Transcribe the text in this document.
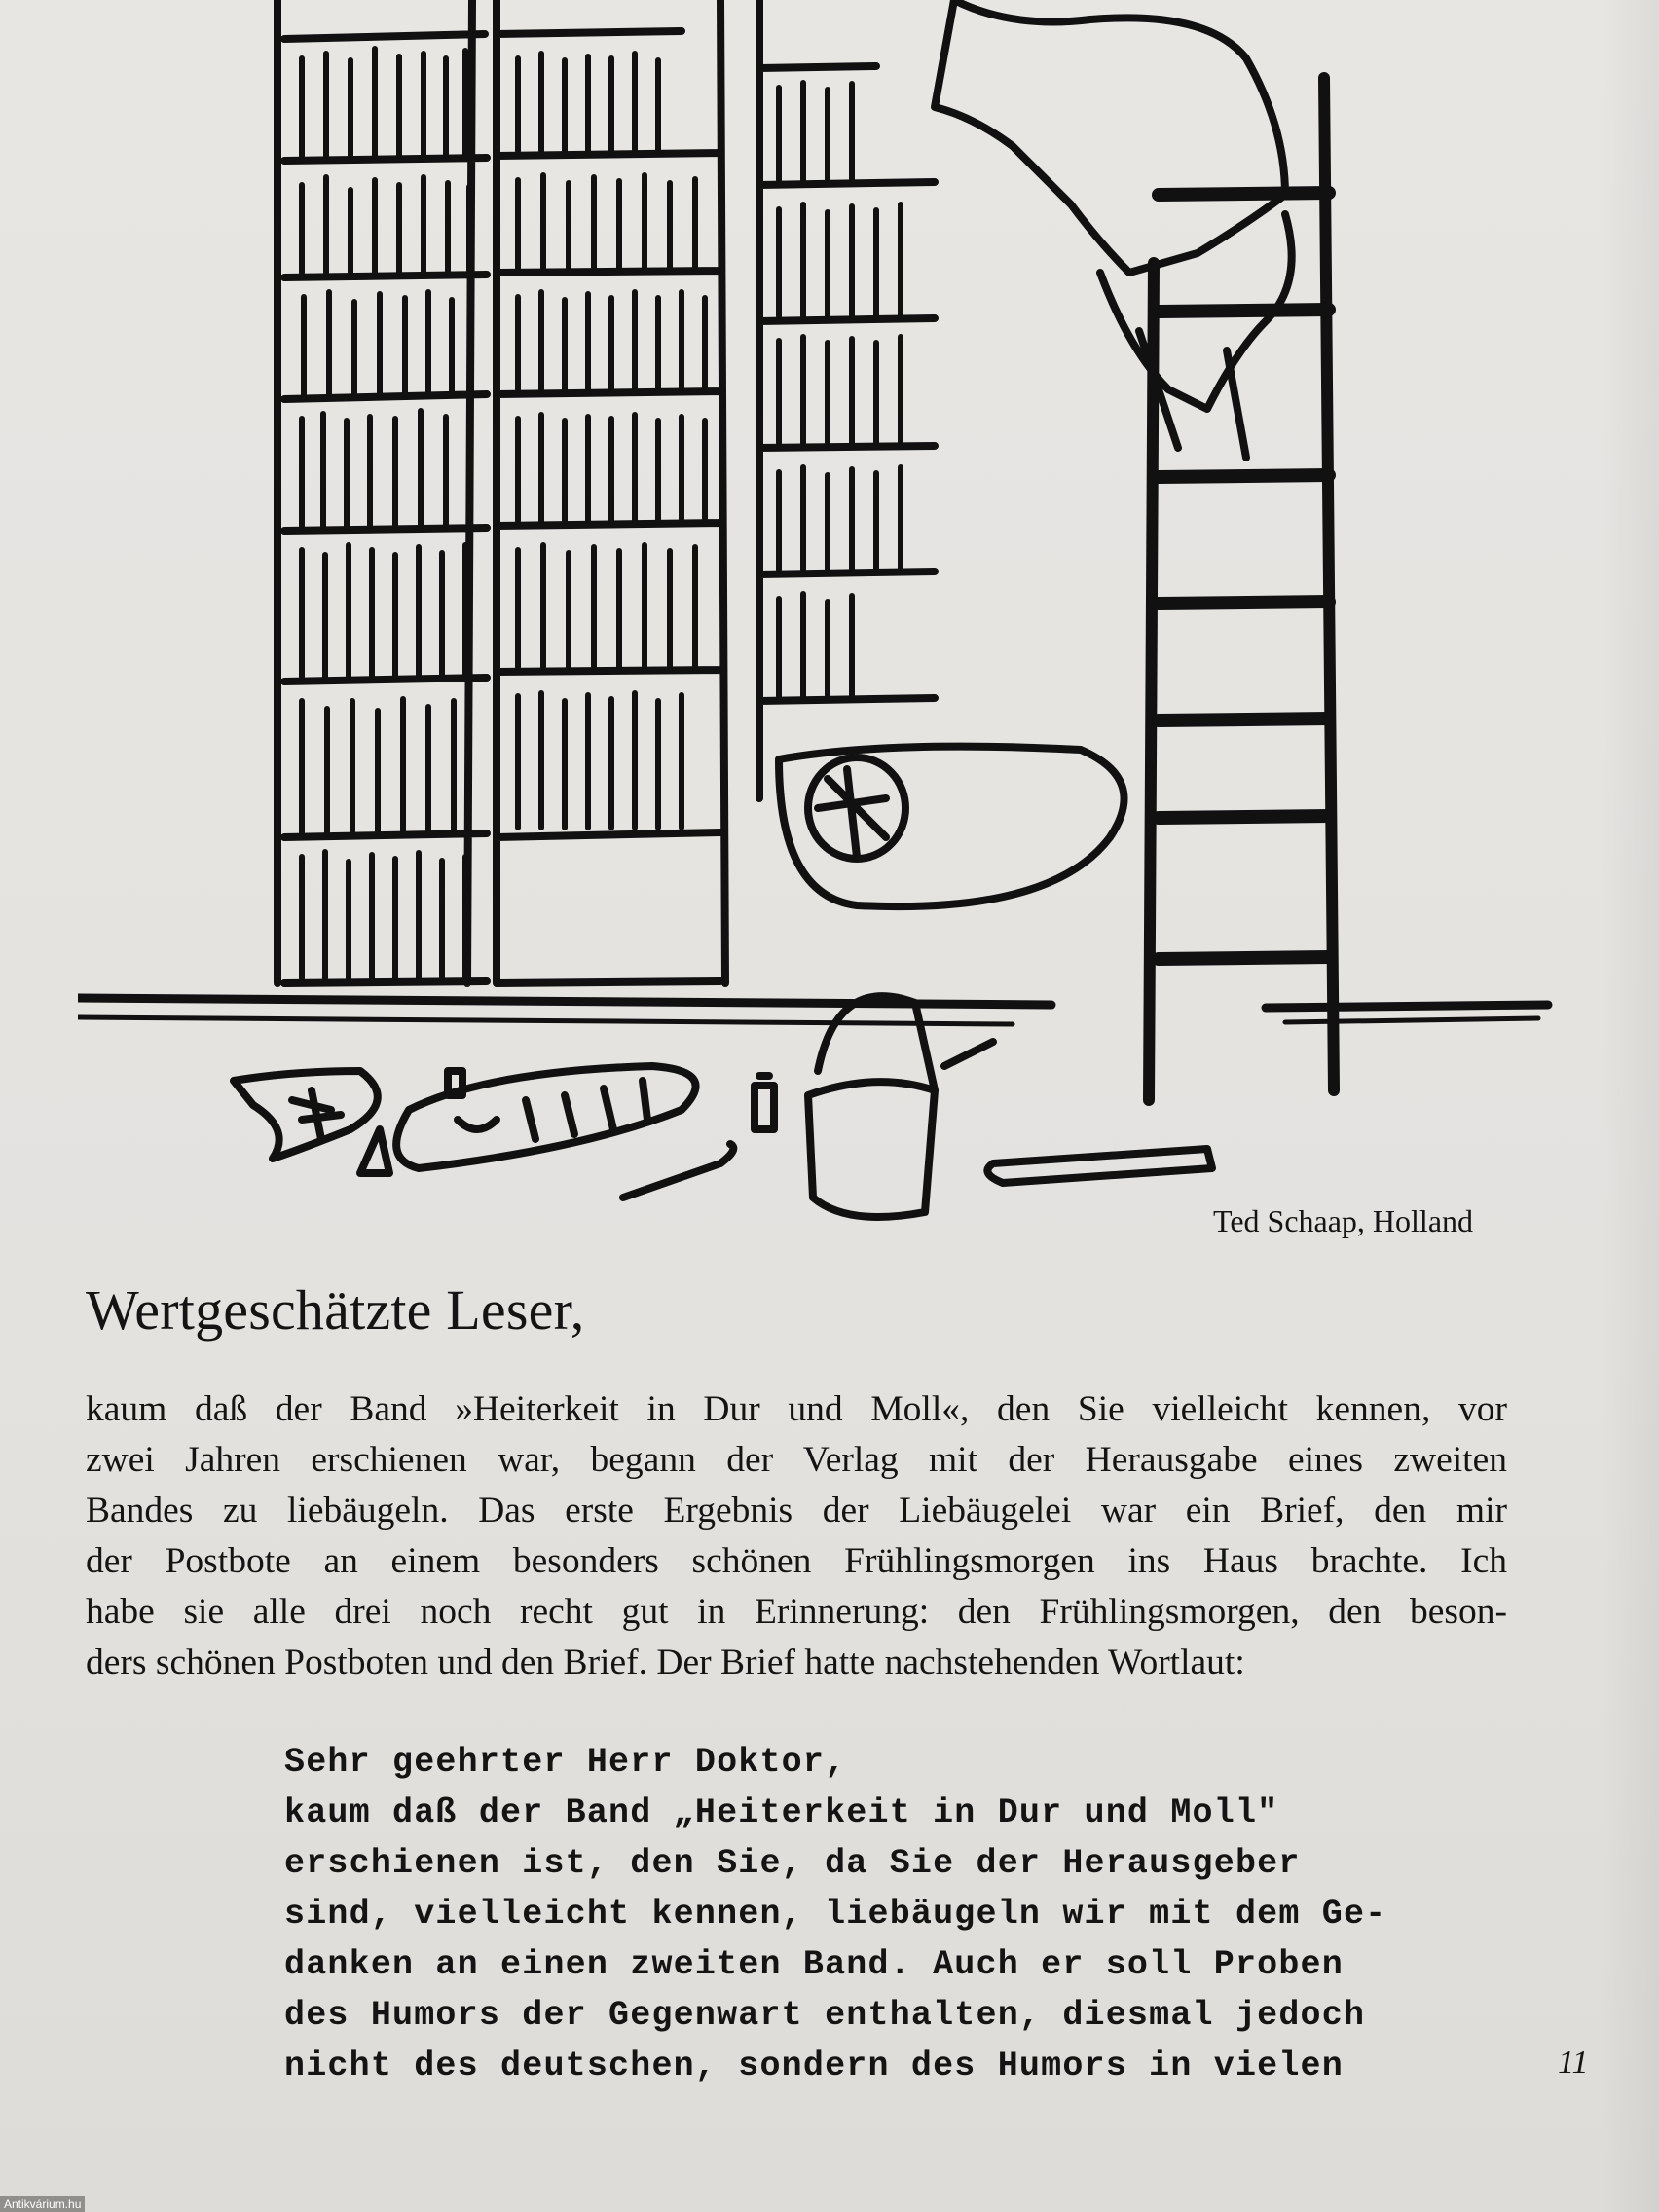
Ted Schaap, Holland
Wertgeschätzte Leser,
kaum daß der Band »Heiterkeit in Dur und Moll«, den Sie vielleicht kennen, vor
zwei Jahren erschienen war, begann der Verlag mit der Herausgabe eines zweiten
Bandes zu liebäugeln. Das erste Ergebnis der Liebäugelei war ein Brief, den mir
der Postbote an einem besonders schönen Frühlingsmorgen ins Haus brachte. Ich
habe sie alle drei noch recht gut in Erinnerung: den Frühlingsmorgen, den beson-
ders schönen Postboten und den Brief. Der Brief hatte nachstehenden Wortlaut:
Sehr geehrter Herr Doktor,
kaum daß der Band „Heiterkeit in Dur und Moll"
erschienen ist, den Sie, da Sie der Herausgeber
sind, vielleicht kennen, liebäugeln wir mit dem Ge-
danken an einen zweiten Band. Auch er soll Proben
des Humors der Gegenwart enthalten, diesmal jedoch
nicht des deutschen, sondern des Humors in vielen	11
Antikvárium.hu
